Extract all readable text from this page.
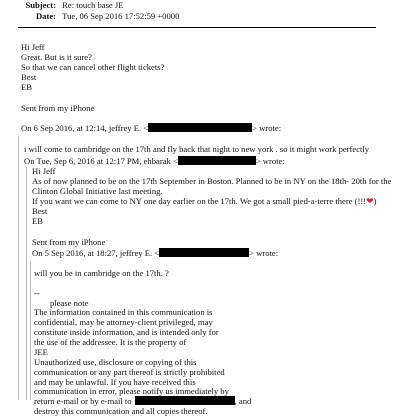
Subject: Re: touch base JE
Date: Tue, 06 Sep 2016 17:52:59 +0000
Hi Jeff
Great. But is it sure?
So that we can cancel other flight tickets?
Best
EB
Sent from my iPhone
On 6 Sep 2016, at 12:14, jeffrey E. <	> wrote:
i will come to cambridge on the 17th and fly back that night to new york . so it might work perfectly
On Tue, Sep 6, 2016 at 12:17 PM, ehbarak <	> wrote:
Hi Jeff
As of now planned to be on the 17th September in Boston. Planned to be in NY on the 18th- 20th for the
Clinton Global Initiative last meeting.
If you want we can come to NY one day earlier on the 17th. We got a small pied-a-terre there (!!!❤)
Best
EB
Sent from my iPhone
On 5 Sep 2016, at 18:27, jeffrey E. <	> wrote:
will you be in cambridge on the 17th. ?
--
please note
The information contained in this communication is
confidential, may be attorney-client privileged, may
constitute inside information, and is intended only for
the use of the addressee. It is the property of
JEE
Unauthorized use, disclosure or copying of this
communication or any part thereof is strictly prohibited
and may be unlawful. If you have received this
communication in error, please notify us immediately by
return e-mail or by e-mail to	, and
destroy this communication and all copies thereof.
